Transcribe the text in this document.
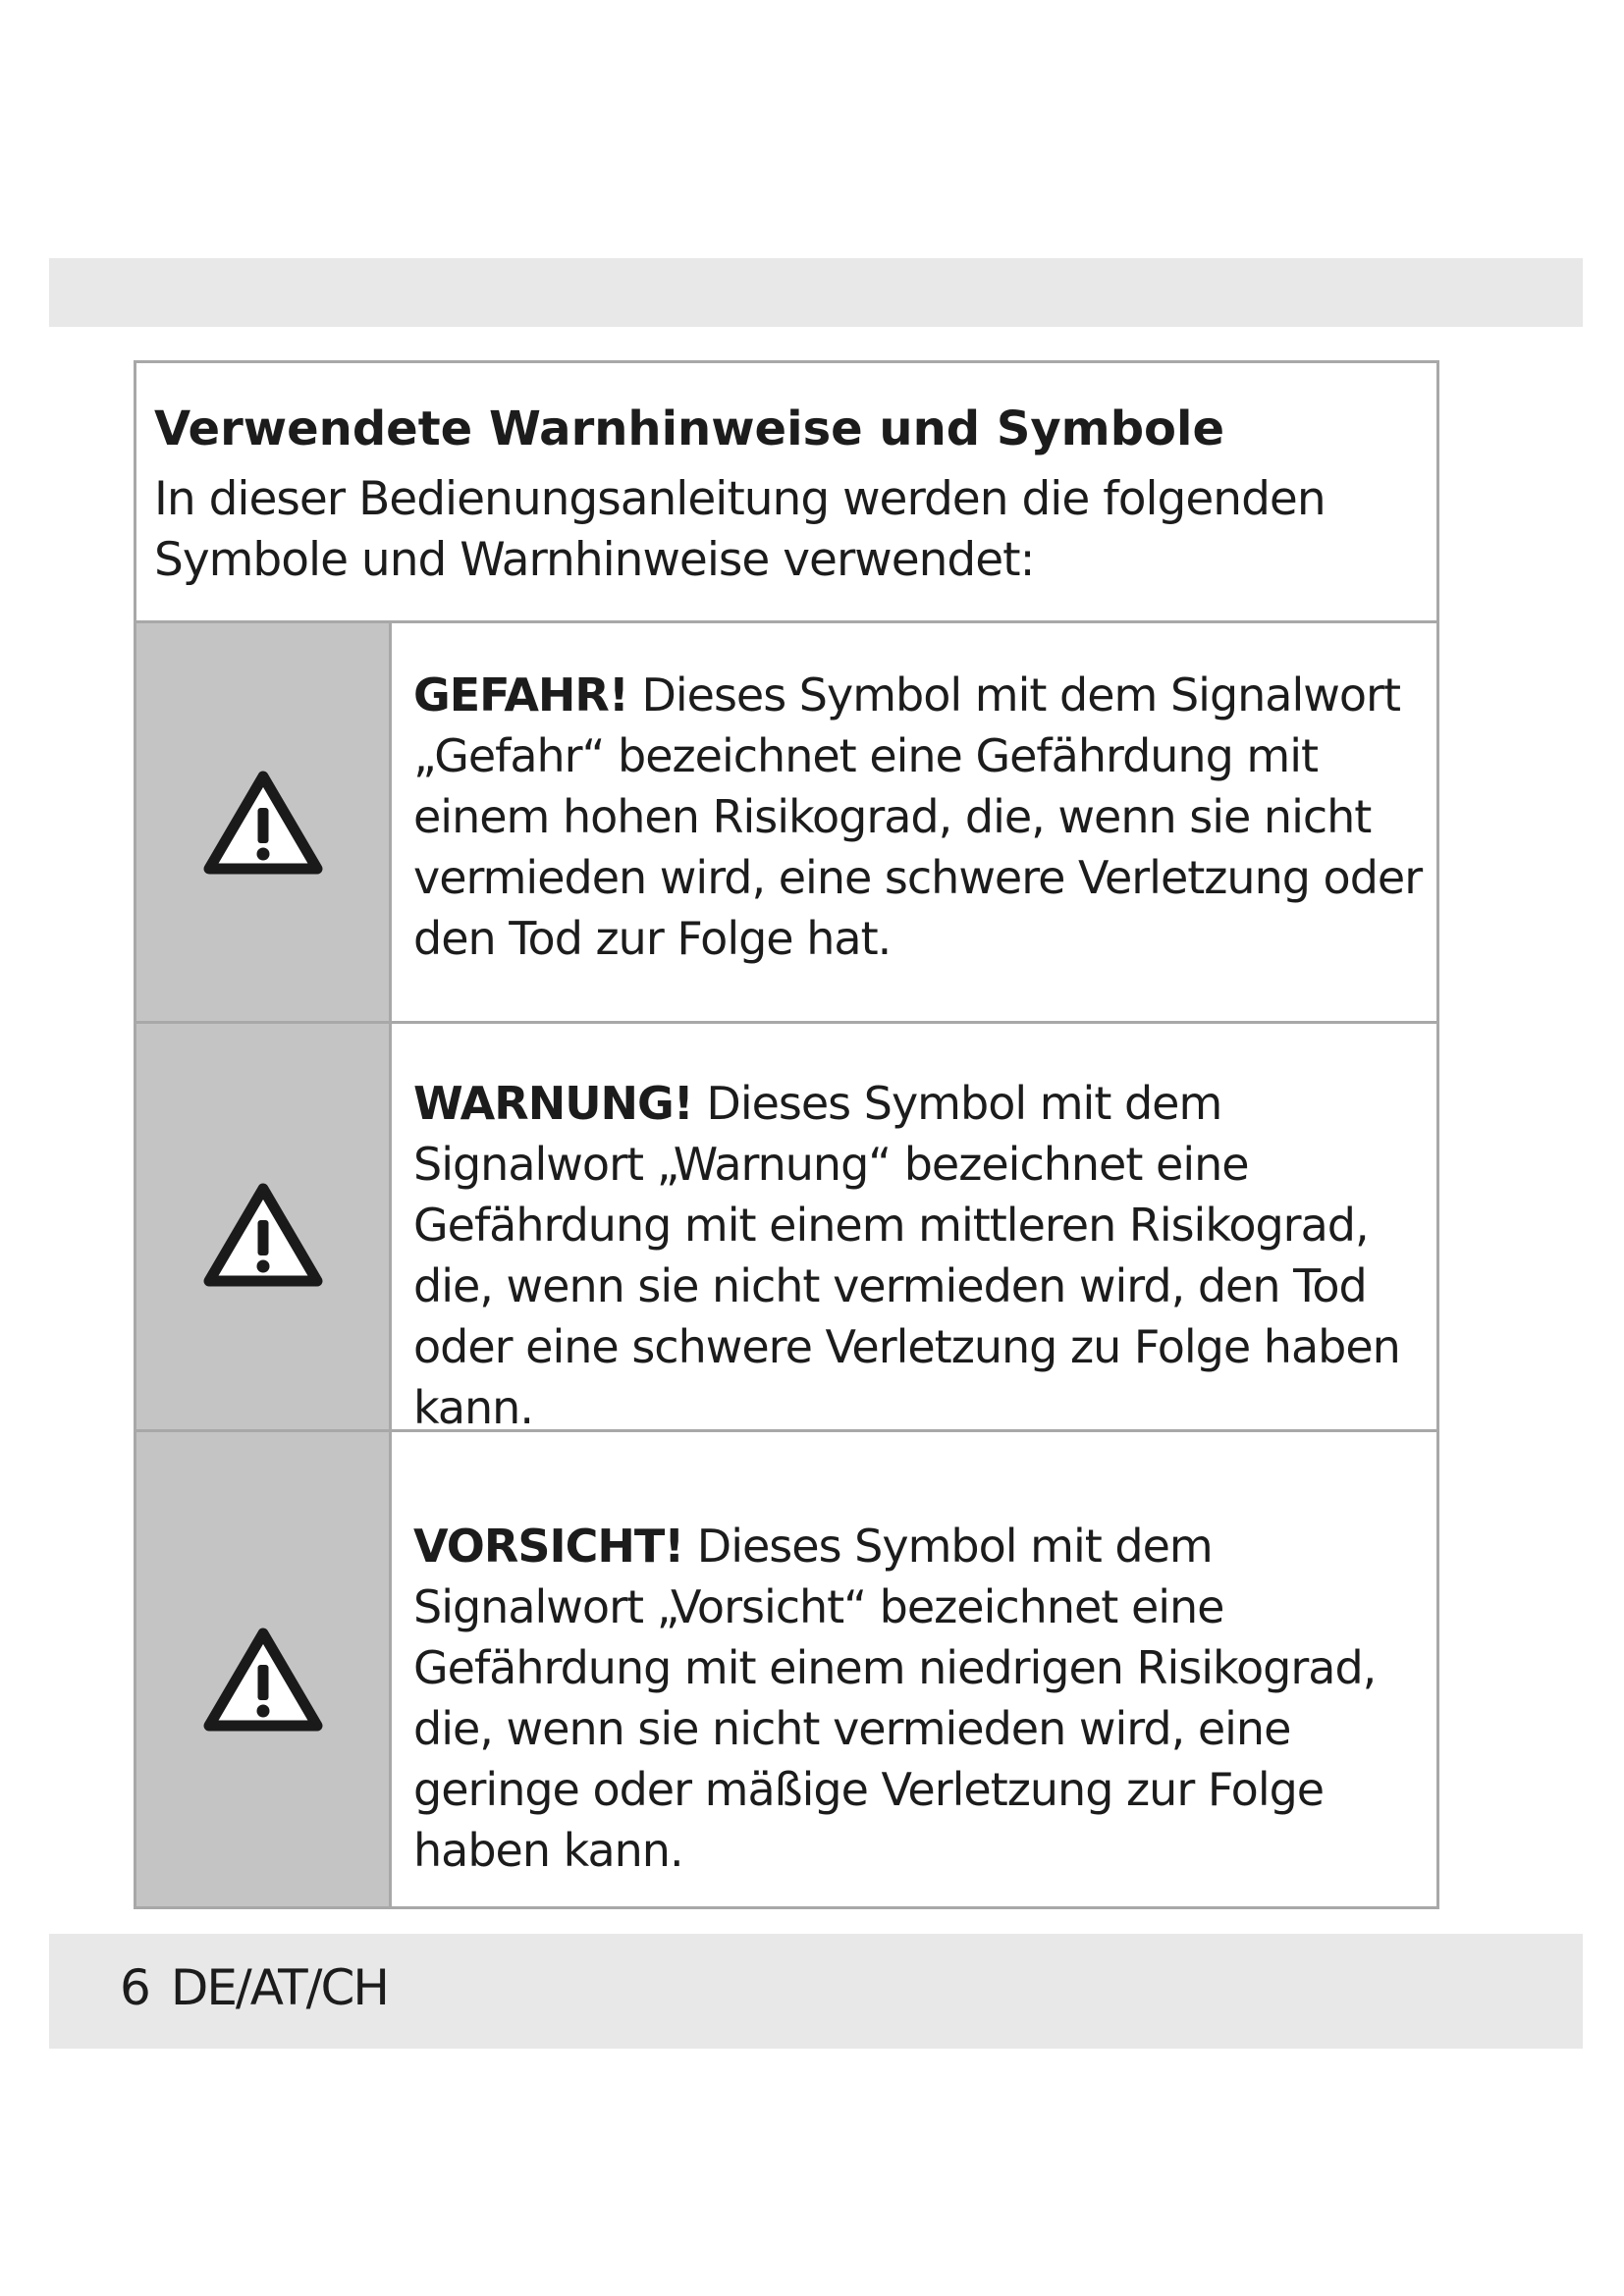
Verwendete Warnhinweise und Symbole
In dieser Bedienungsanleitung werden die folgenden Symbole und Warnhinweise verwendet:
GEFAHR! Dieses Symbol mit dem Signalwort „Gefahr“ bezeichnet eine Gefährdung mit einem hohen Risikograd, die, wenn sie nicht vermieden wird, eine schwere Verletzung oder den Tod zur Folge hat.
WARNUNG! Dieses Symbol mit dem Signalwort „Warnung“ bezeichnet eine Gefährdung mit einem mittleren Risikograd, die, wenn sie nicht vermieden wird, den Tod oder eine schwere Verletzung zu Folge haben kann.
VORSICHT! Dieses Symbol mit dem Signalwort „Vorsicht“ bezeichnet eine Gefährdung mit einem niedrigen Risikograd, die, wenn sie nicht vermieden wird, eine geringe oder mäßige Verletzung zur Folge haben kann.
6 DE/AT/CH
